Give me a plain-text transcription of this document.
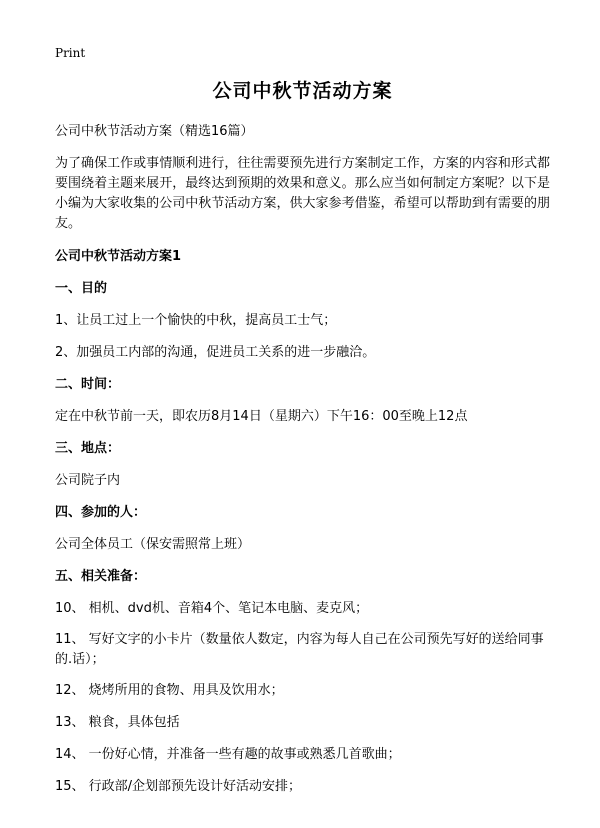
Print
公司中秋节活动方案
公司中秋节活动方案（精选16篇）
为了确保工作或事情顺利进行，往往需要预先进行方案制定工作，方案的内容和形式都要围绕着主题来展开，最终达到预期的效果和意义。那么应当如何制定方案呢？以下是小编为大家收集的公司中秋节活动方案，供大家参考借鉴，希望可以帮助到有需要的朋友。
公司中秋节活动方案1
一、目的
1、让员工过上一个愉快的中秋，提高员工士气；
2、加强员工内部的沟通，促进员工关系的进一步融洽。
二、时间：
定在中秋节前一天，即农历8月14日（星期六）下午16：00至晚上12点
三、地点：
公司院子内
四、参加的人：
公司全体员工（保安需照常上班）
五、相关准备：
10、 相机、dvd机、音箱4个、笔记本电脑、麦克风；
11、 写好文字的小卡片（数量依人数定，内容为每人自己在公司预先写好的送给同事的.话）；
12、 烧烤所用的食物、用具及饮用水；
13、 粮食，具体包括
14、 一份好心情，并准备一些有趣的故事或熟悉几首歌曲；
15、 行政部/企划部预先设计好活动安排；
